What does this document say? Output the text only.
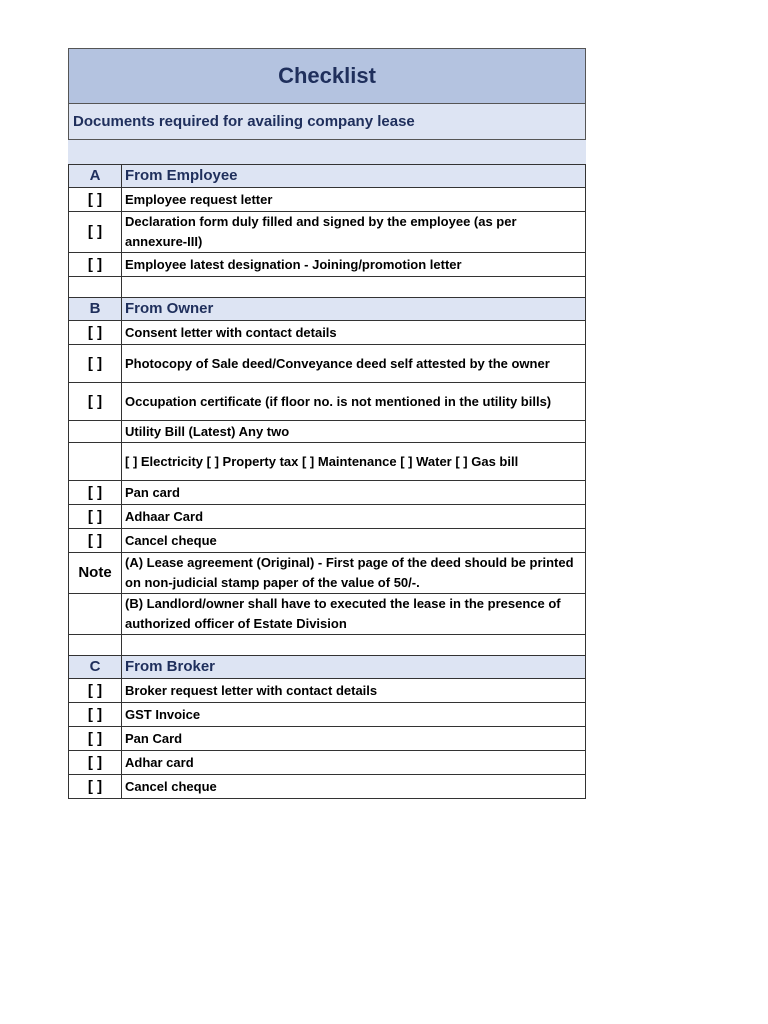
Checklist
Documents required for availing company lease
A	From Employee
[ ]	Employee request letter
[ ]	Declaration form duly filled and signed by the employee (as per annexure-III)
[ ]	Employee latest designation - Joining/promotion letter

B	From Owner
[ ]	Consent letter with contact details
[ ]	Photocopy of Sale deed/Conveyance deed self attested by the owner
[ ]	Occupation certificate (if floor no. is not mentioned in the utility bills)
	Utility Bill (Latest) Any two
	[ ] Electricity [ ] Property tax [ ] Maintenance [ ] Water [ ] Gas bill
[ ]	Pan card
[ ]	Adhaar Card
[ ]	Cancel cheque
Note	(A) Lease agreement (Original) - First page of the deed should be printed on non-judicial stamp paper of the value of 50/-.
	(B) Landlord/owner shall have to executed the lease in the presence of authorized officer of Estate Division

C	From Broker
[ ]	Broker request letter with contact details
[ ]	GST Invoice
[ ]	Pan Card
[ ]	Adhar card
[ ]	Cancel cheque
